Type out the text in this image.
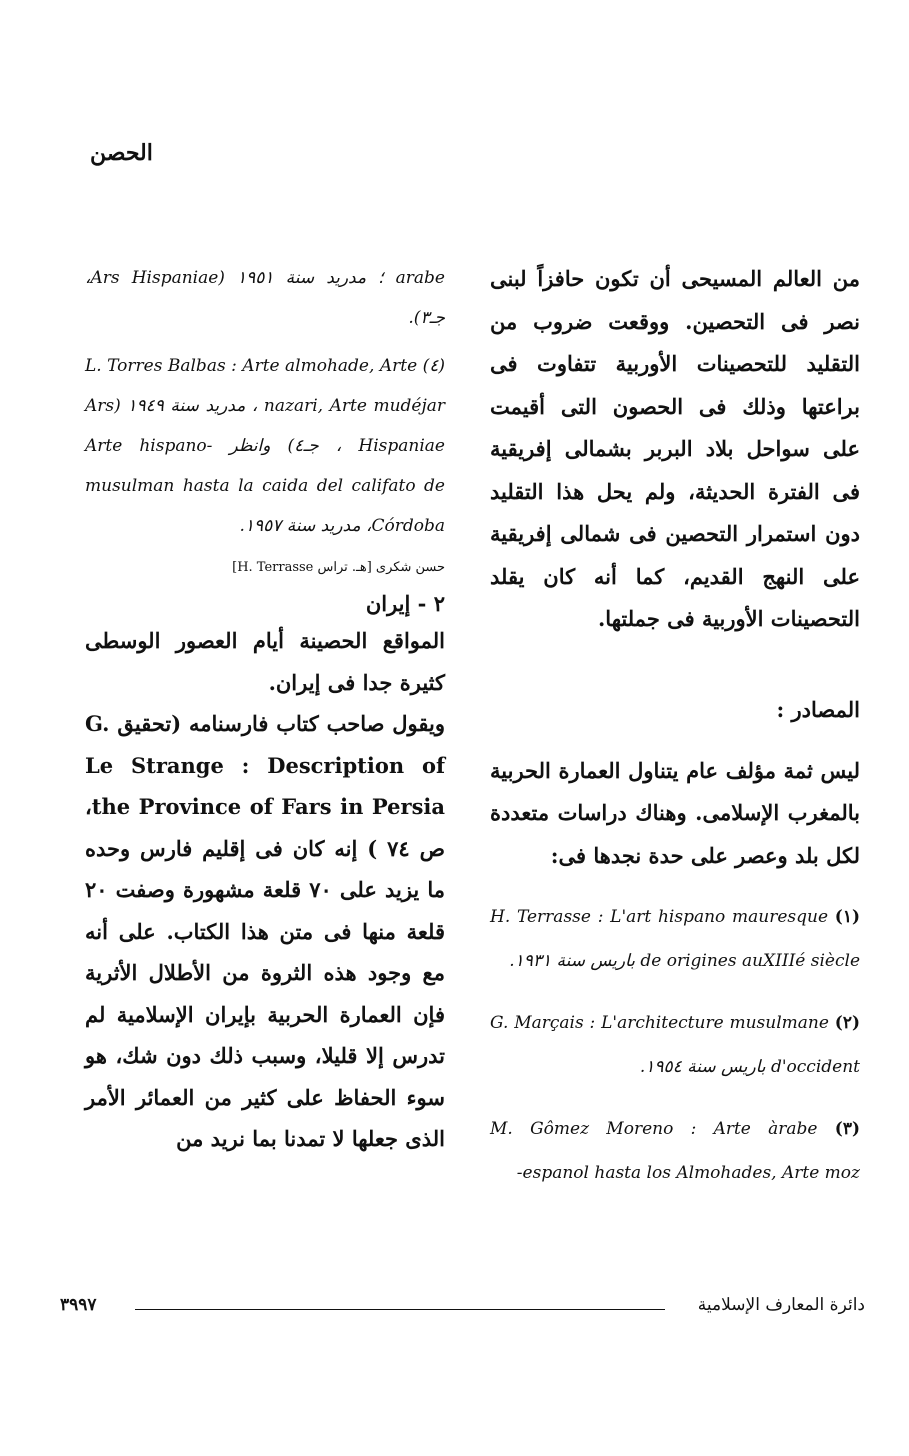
الحصن

من العالم المسيحى أن تكون حافزاً لبنى نصر فى التحصين. ووقعت ضروب من التقليد للتحصينات الأوربية تتفاوت فى براعتها وذلك فى الحصون التى أقيمت على سواحل بلاد البربر بشمالى إفريقية فى الفترة الحديثة، ولم يحل هذا التقليد دون استمرار التحصين فى شمالى إفريقية على النهج القديم، كما أنه كان يقلد التحصينات الأوربية فى جملتها.

المصادر :

ليس ثمة مؤلف عام يتناول العمارة الحربية بالمغرب الإسلامى. وهناك دراسات متعددة لكل بلد وعصر على حدة نجدها فى:

(١) H. Terrasse : L'art hispano mauresque de origines auXIIIé siècle باريس سنة ١٩٣١.

(٢) G. Marçais : L'architecture musulmane d'occident باريس سنة ١٩٥٤.

(٣) M. Gômez Moreno : Arte àrabe espanol hasta los Almohades, Arte moz-

arabe ؛ مدريد سنة ١٩٥١ (Ars Hispaniae، جـ٣).

(٤) L. Torres Balbas : Arte almohade, Arte nazari, Arte mudéjar ، مدريد سنة ١٩٤٩ (Ars Hispaniae ، جـ٤) وانظر Arte hispano-musulman hasta la caida del califato de Córdoba، مدريد سنة ١٩٥٧.

حسن شكرى [هـ. تراس H. Terrasse]
٢ - إيران

المواقع الحصينة أيام العصور الوسطى كثيرة جدا فى إيران.

ويقول صاحب كتاب فارسنامه (تحقيق G. Le Strange : Description of the Province of Fars in Persia، ص ٧٤ ) إنه كان فى إقليم فارس وحده ما يزيد على ٧٠ قلعة مشهورة وصفت ٢٠ قلعة منها فى متن هذا الكتاب. على أنه مع وجود هذه الثروة من الأطلال الأثرية فإن العمارة الحربية بإيران الإسلامية لم تدرس إلا قليلا، وسبب ذلك دون شك، هو سوء الحفاظ على كثير من العمائر الأمر الذى جعلها لا تمدنا بما نريد من

٣٩٩٧	دائرة المعارف الإسلامية
